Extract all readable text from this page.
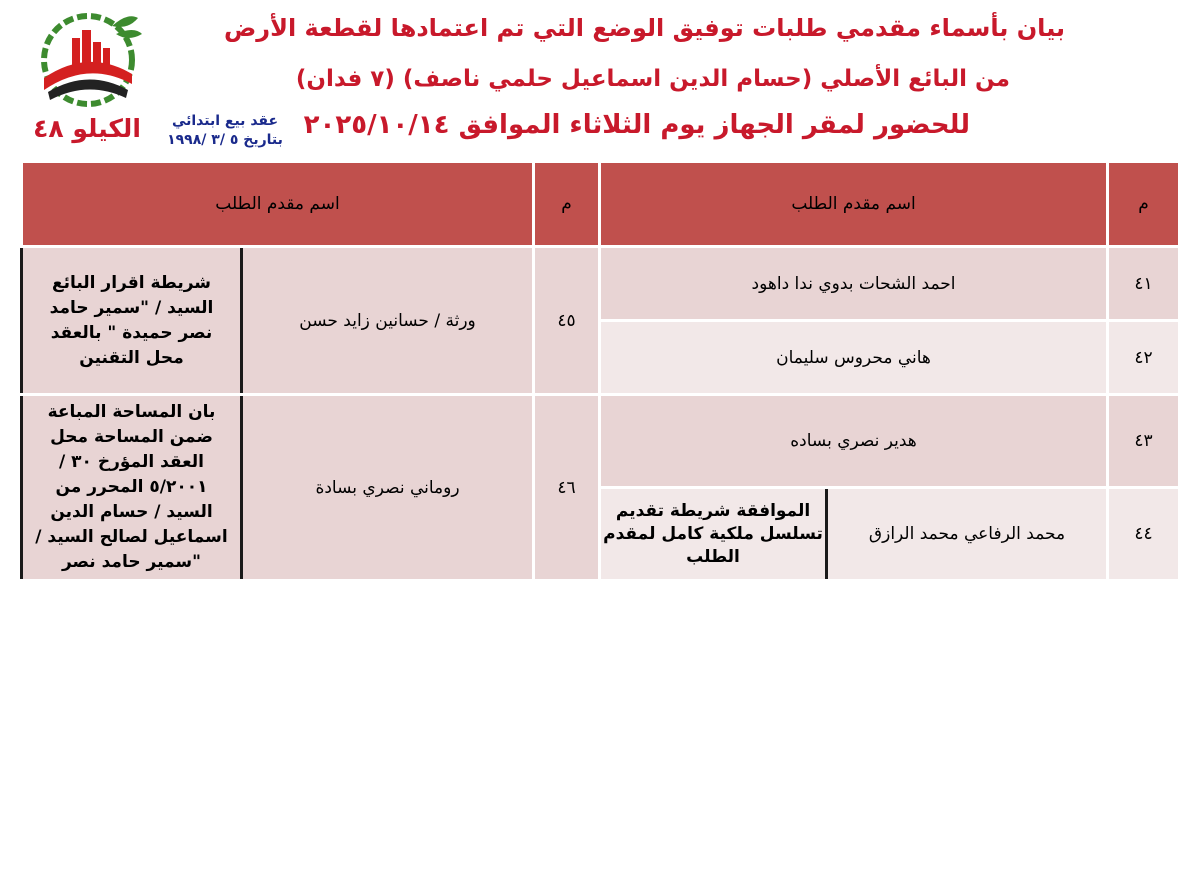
الكيلو ٤٨	عقد بيع ابتدائي
بتاريخ ٥ /٣ /١٩٩٨
بيان بأسماء مقدمي طلبات توفيق الوضع التي تم اعتمادها لقطعة الأرض
من البائع الأصلي (حسام الدين اسماعيل حلمي ناصف) (٧ فدان)
للحضور لمقر الجهاز يوم الثلاثاء الموافق ٢٠٢٥/١٠/١٤
اسم مقدم الطلب		م	اسم مقدم الطلب		م
شريطة اقرار البائع السيد / "سمير حامد نصر حميدة " بالعقد محل التقنين	ورثة / حسانين زايد حسن	٤٥	احمد الشحات بدوي ندا داهود		٤١
			هاني محروس سليمان		٤٢
بان المساحة المباعة ضمن المساحة محل العقد المؤرخ ٣٠ /٥/٢٠٠١ المحرر من السيد / حسام الدين اسماعيل لصالح السيد / "سمير حامد نصر	روماني نصري بسادة	٤٦	هدير نصري بساده		٤٣
			الموافقة شريطة تقديم تسلسل ملكية كامل لمقدم الطلب	محمد الرفاعي محمد الرازق	٤٤
